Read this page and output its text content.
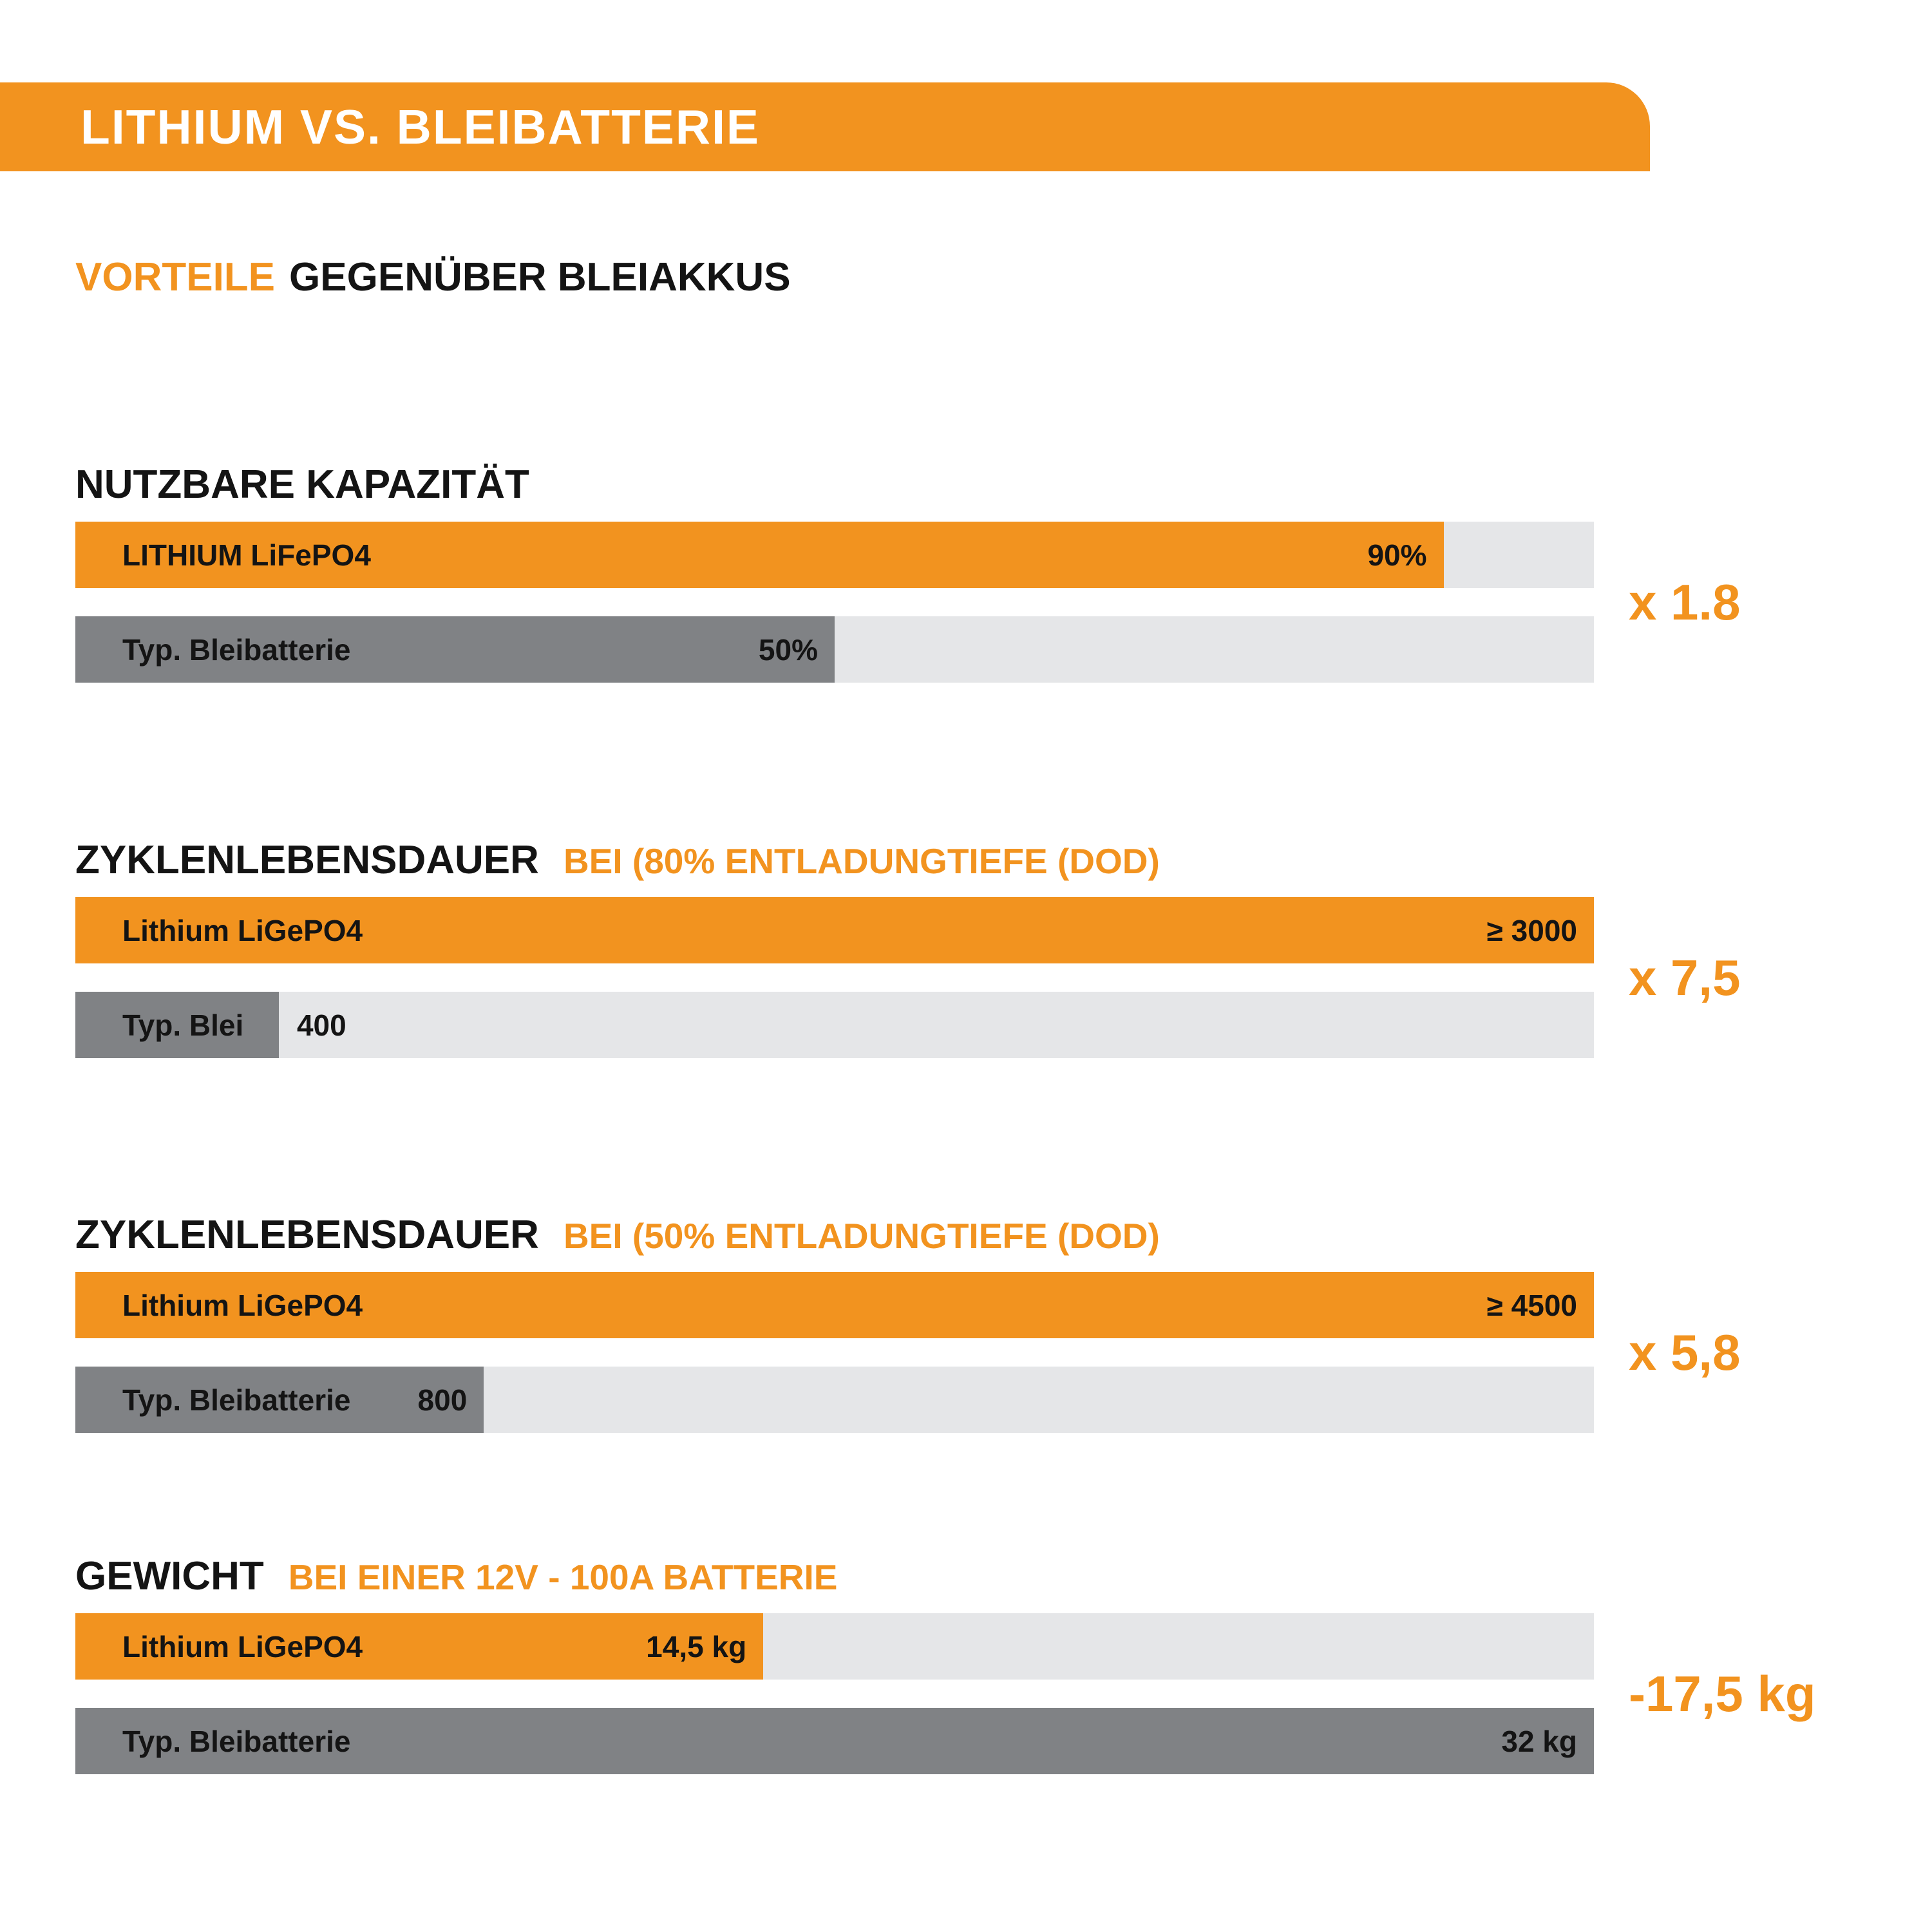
LITHIUM VS. BLEIBATTERIE
VORTEILE GEGENÜBER BLEIAKKUS
NUTZBARE KAPAZITÄT
LITHIUM LiFePO4	90%
Typ. Bleibatterie	50%
x 1.8
ZYKLENLEBENSDAUER BEI (80% ENTLADUNGTIEFE (DOD)
Lithium LiGePO4	≥ 3000
Typ. Blei 400
x 7,5
ZYKLENLEBENSDAUER BEI (50% ENTLADUNGTIEFE (DOD)
Lithium LiGePO4	≥ 4500
Typ. Bleibatterie 800
x 5,8
GEWICHT BEI EINER 12V - 100A BATTERIE
Lithium LiGePO4	14,5 kg
Typ. Bleibatterie	32 kg
-17,5 kg
